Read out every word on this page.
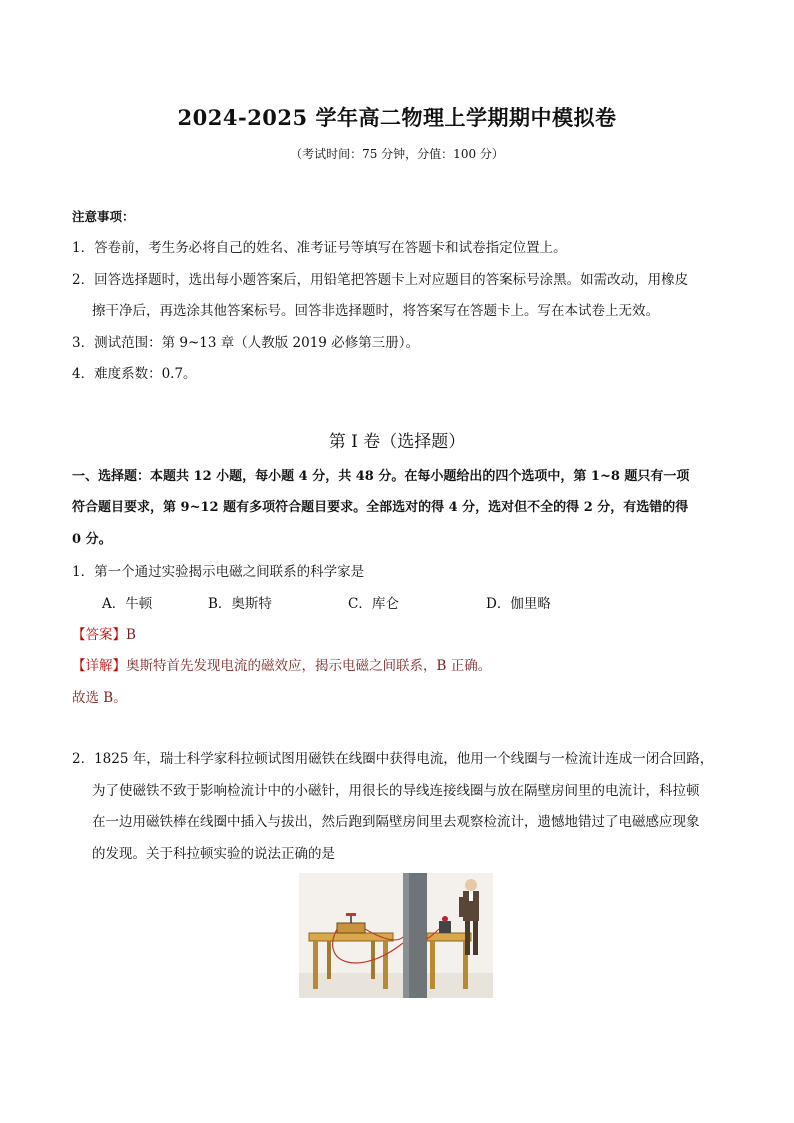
2024-2025 学年高二物理上学期期中模拟卷
（考试时间：75 分钟，分值：100 分）
注意事项：
1．答卷前，考生务必将自己的姓名、准考证号等填写在答题卡和试卷指定位置上。
2．回答选择题时，选出每小题答案后，用铅笔把答题卡上对应题目的答案标号涂黑。如需改动，用橡皮
擦干净后，再选涂其他答案标号。回答非选择题时，将答案写在答题卡上。写在本试卷上无效。
3．测试范围：第 9~13 章（人教版 2019 必修第三册）。
4．难度系数：0.7。
第 I 卷（选择题）
一、选择题：本题共 12 小题，每小题 4 分，共 48 分。在每小题给出的四个选项中，第 1~8 题只有一项
符合题目要求，第 9~12 题有多项符合题目要求。全部选对的得 4 分，选对但不全的得 2 分，有选错的得
0 分。
1．第一个通过实验揭示电磁之间联系的科学家是
A．牛顿	B．奥斯特	C．库仑	D．伽里略
【答案】B
【详解】奥斯特首先发现电流的磁效应，揭示电磁之间联系，B 正确。
故选 B。
2．1825 年，瑞士科学家科拉顿试图用磁铁在线圈中获得电流，他用一个线圈与一检流计连成一闭合回路，
为了使磁铁不致于影响检流计中的小磁针，用很长的导线连接线圈与放在隔壁房间里的电流计，科拉顿
在一边用磁铁棒在线圈中插入与拔出，然后跑到隔壁房间里去观察检流计，遗憾地错过了电磁感应现象
的发现。关于科拉顿实验的说法正确的是
